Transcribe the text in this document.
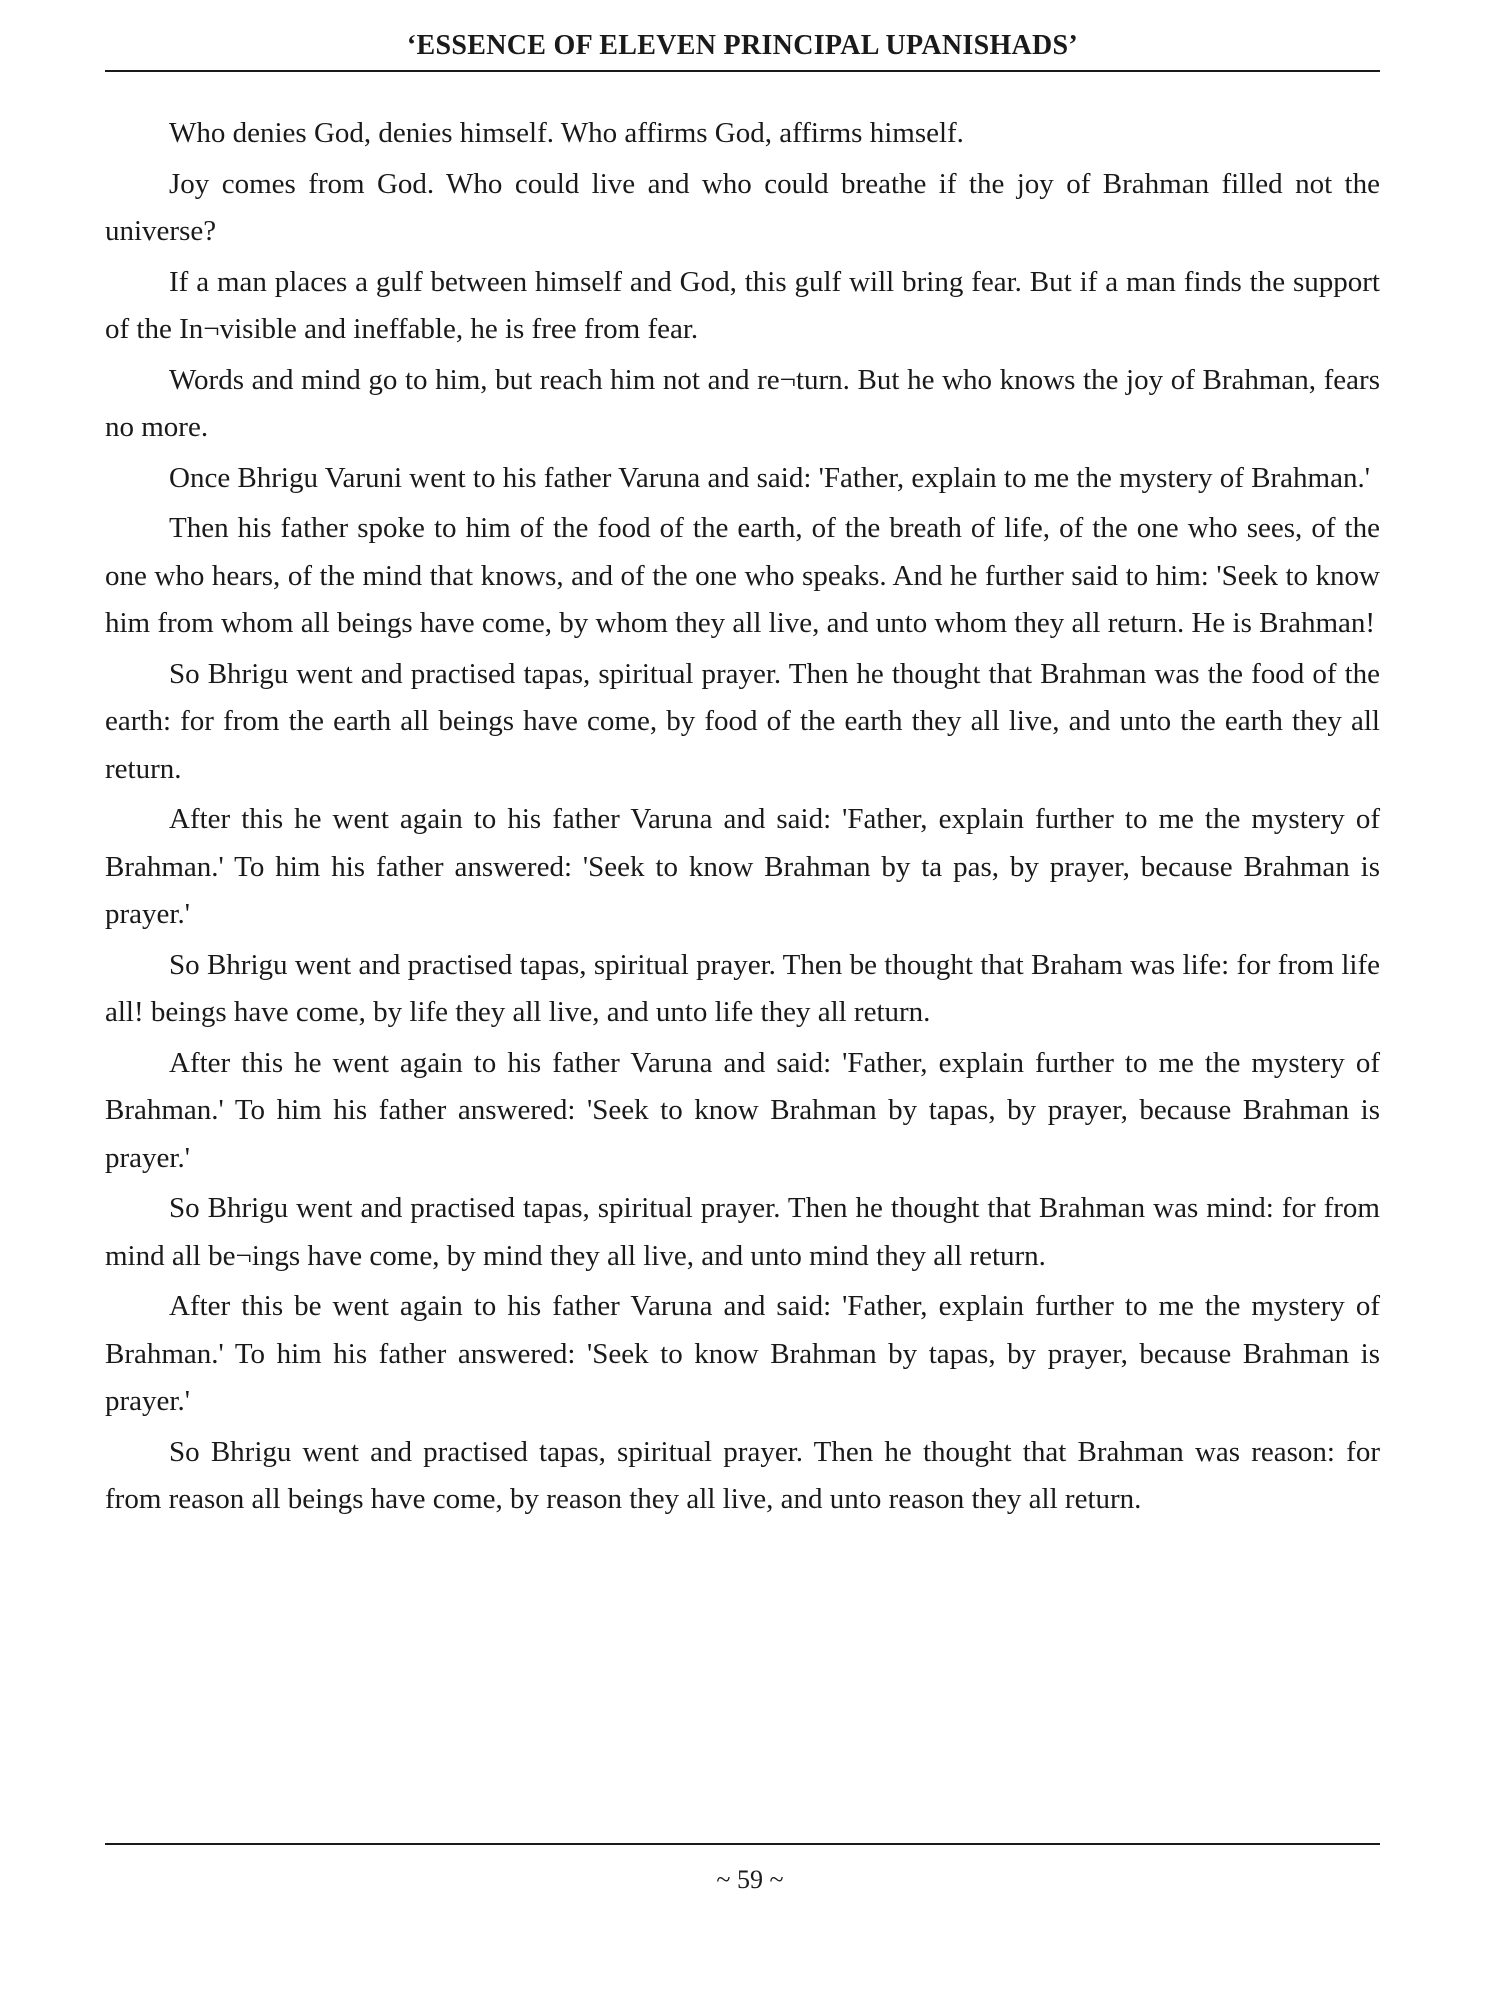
‘ESSENCE OF ELEVEN PRINCIPAL UPANISHADS’

Who denies God, denies himself. Who affirms God, affirms himself.

Joy comes from God. Who could live and who could breathe if the joy of Brahman filled not the universe?

If a man places a gulf between himself and God, this gulf will bring fear. But if a man finds the support of the In¬visible and ineffable, he is free from fear.

Words and mind go to him, but reach him not and re¬turn. But he who knows the joy of Brahman, fears no more.

Once Bhrigu Varuni went to his father Varuna and said: 'Father, explain to me the mystery of Brahman.'

Then his father spoke to him of the food of the earth, of the breath of life, of the one who sees, of the one who hears, of the mind that knows, and of the one who speaks. And he further said to him: 'Seek to know him from whom all beings have come, by whom they all live, and unto whom they all return. He is Brahman!

So Bhrigu went and practised tapas, spiritual prayer. Then he thought that Brahman was the food of the earth: for from the earth all beings have come, by food of the earth they all live, and unto the earth they all return.

After this he went again to his father Varuna and said: 'Father, explain further to me the mystery of Brahman.' To him his father answered: 'Seek to know Brahman by ta pas, by prayer, because Brahman is prayer.'

So Bhrigu went and practised tapas, spiritual prayer. Then be thought that Braham was life: for from life all! beings have come, by life they all live, and unto life they all return.

After this he went again to his father Varuna and said: 'Father, explain further to me the mystery of Brahman.' To him his father answered: 'Seek to know Brahman by tapas, by prayer, because Brahman is prayer.'

So Bhrigu went and practised tapas, spiritual prayer. Then he thought that Brahman was mind: for from mind all be¬ings have come, by mind they all live, and unto mind they all return.

After this be went again to his father Varuna and said: 'Father, explain further to me the mystery of Brahman.' To him his father answered: 'Seek to know Brahman by tapas, by prayer, because Brahman is prayer.'

So Bhrigu went and practised tapas, spiritual prayer. Then he thought that Brahman was reason: for from reason all beings have come, by reason they all live, and unto reason they all return.

~ 59 ~
